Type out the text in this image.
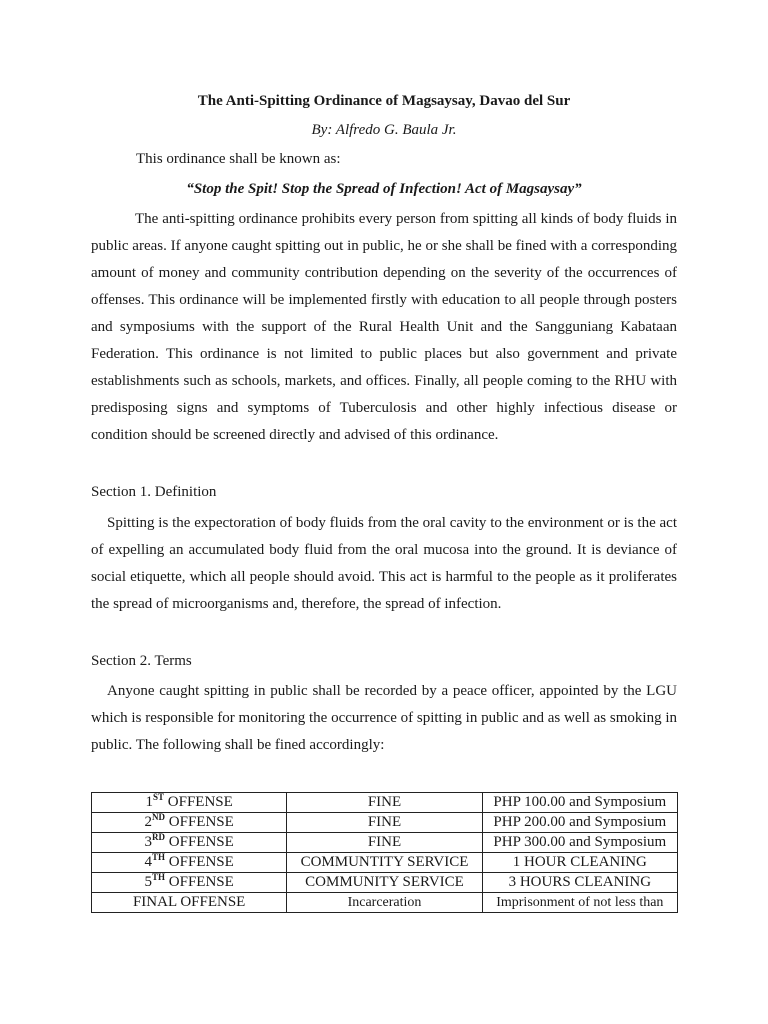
The Anti-Spitting Ordinance of Magsaysay, Davao del Sur
By: Alfredo G. Baula Jr.
This ordinance shall be known as:
“Stop the Spit! Stop the Spread of Infection! Act of Magsaysay”

The anti-spitting ordinance prohibits every person from spitting all kinds of body fluids in public areas. If anyone caught spitting out in public, he or she shall be fined with a corresponding amount of money and community contribution depending on the severity of the occurrences of offenses. This ordinance will be implemented firstly with education to all people through posters and symposiums with the support of the Rural Health Unit and the Sangguniang Kabataan Federation. This ordinance is not limited to public places but also government and private establishments such as schools, markets, and offices. Finally, all people coming to the RHU with predisposing signs and symptoms of Tuberculosis and other highly infectious disease or condition should be screened directly and advised of this ordinance.

Section 1. Definition

Spitting is the expectoration of body fluids from the oral cavity to the environment or is the act of expelling an accumulated body fluid from the oral mucosa into the ground. It is deviance of social etiquette, which all people should avoid. This act is harmful to the people as it proliferates the spread of microorganisms and, therefore, the spread of infection.

Section 2. Terms

Anyone caught spitting in public shall be recorded by a peace officer, appointed by the LGU which is responsible for monitoring the occurrence of spitting in public and as well as smoking in public. The following shall be fined accordingly:

1ST OFFENSE	FINE	PHP 100.00 and Symposium
2ND OFFENSE	FINE	PHP 200.00 and Symposium
3RD OFFENSE	FINE	PHP 300.00 and Symposium
4TH OFFENSE	COMMUNTITY SERVICE	1 HOUR CLEANING
5TH OFFENSE	COMMUNITY SERVICE	3 HOURS CLEANING
FINAL OFFENSE	Incarceration	Imprisonment of not less than
